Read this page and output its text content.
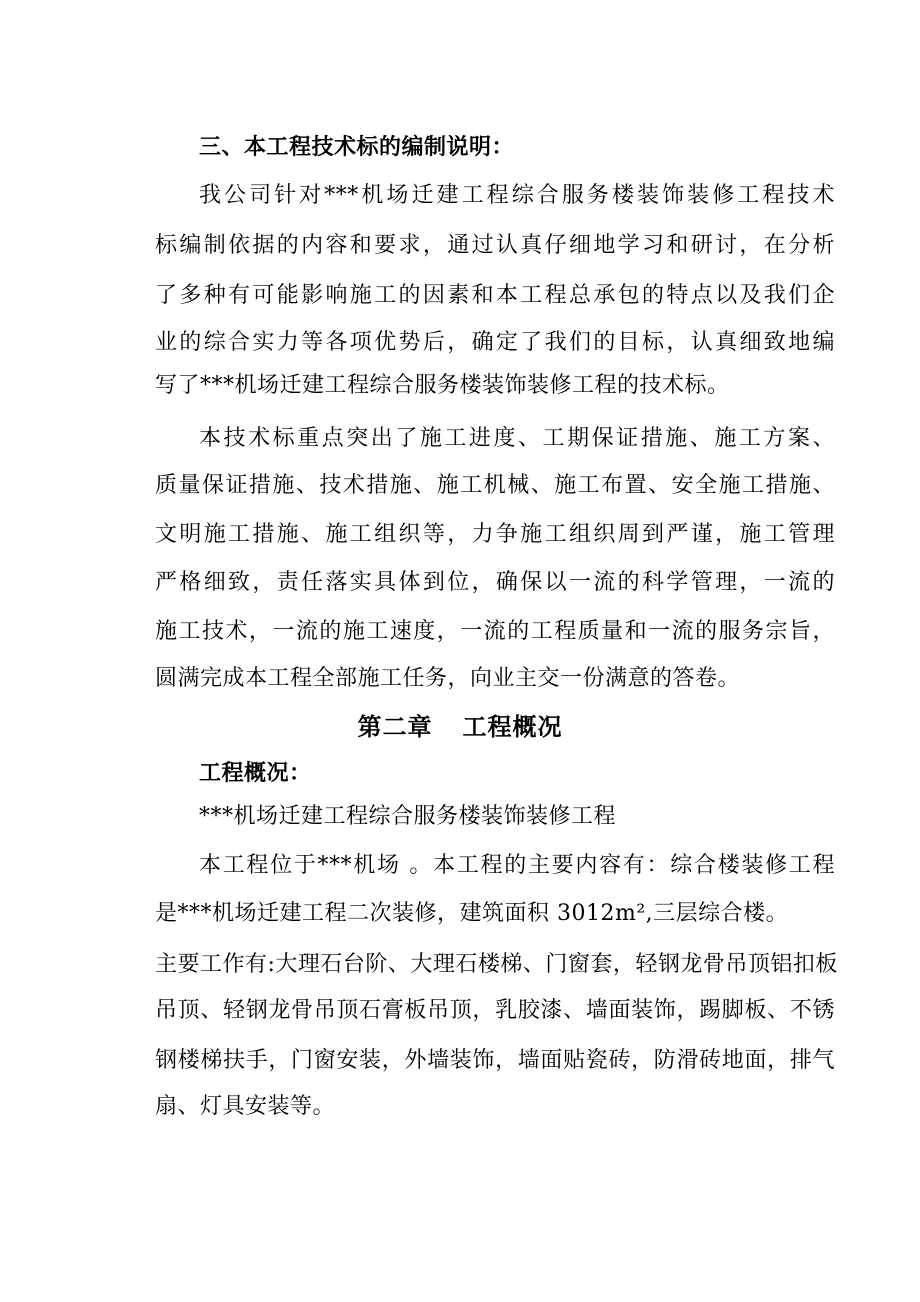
三、本工程技术标的编制说明：
我公司针对***机场迁建工程综合服务楼装饰装修工程技术
标编制依据的内容和要求，通过认真仔细地学习和研讨，在分析
了多种有可能影响施工的因素和本工程总承包的特点以及我们企
业的综合实力等各项优势后，确定了我们的目标，认真细致地编
写了***机场迁建工程综合服务楼装饰装修工程的技术标。
本技术标重点突出了施工进度、工期保证措施、施工方案、
质量保证措施、技术措施、施工机械、施工布置、安全施工措施、
文明施工措施、施工组织等，力争施工组织周到严谨，施工管理
严格细致，责任落实具体到位，确保以一流的科学管理，一流的
施工技术，一流的施工速度，一流的工程质量和一流的服务宗旨，
圆满完成本工程全部施工任务，向业主交一份满意的答卷。
第二章 工程概况
工程概况：
***机场迁建工程综合服务楼装饰装修工程
本工程位于***机场 。本工程的主要内容有：综合楼装修工程
是***机场迁建工程二次装修，建筑面积 3012m²,三层综合楼。
主要工作有:大理石台阶、大理石楼梯、门窗套，轻钢龙骨吊顶铝扣板
吊顶、轻钢龙骨吊顶石膏板吊顶，乳胶漆、墙面装饰，踢脚板、不锈
钢楼梯扶手，门窗安装，外墙装饰，墙面贴瓷砖，防滑砖地面，排气
扇、灯具安装等。
